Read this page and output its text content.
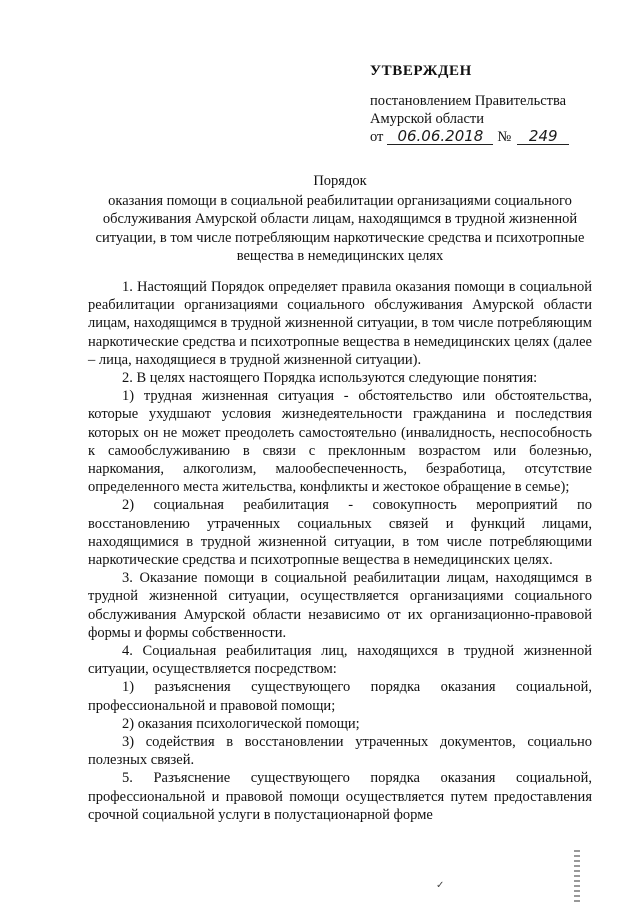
УТВЕРЖДЕН
постановлением Правительства
Амурской области
от 06.06.2018 № 249
Порядок
оказания помощи в социальной реабилитации организациями социального обслуживания Амурской области лицам, находящимся в трудной жизненной ситуации, в том числе потребляющим наркотические средства и психотропные вещества в немедицинских целях

1. Настоящий Порядок определяет правила оказания помощи в социальной реабилитации организациями социального обслуживания Амурской области лицам, находящимся в трудной жизненной ситуации, в том числе потребляющим наркотические средства и психотропные вещества в немедицинских целях (далее – лица, находящиеся в трудной жизненной ситуации).

2. В целях настоящего Порядка используются следующие понятия:

1) трудная жизненная ситуация - обстоятельство или обстоятельства, которые ухудшают условия жизнедеятельности гражданина и последствия которых он не может преодолеть самостоятельно (инвалидность, неспособность к самообслуживанию в связи с преклонным возрастом или болезнью, наркомания, алкоголизм, малообеспеченность, безработица, отсутствие определенного места жительства, конфликты и жестокое обращение в семье);

2) социальная реабилитация - совокупность мероприятий по восстановлению утраченных социальных связей и функций лицами, находящимися в трудной жизненной ситуации, в том числе потребляющими наркотические средства и психотропные вещества в немедицинских целях.

3. Оказание помощи в социальной реабилитации лицам, находящимся в трудной жизненной ситуации, осуществляется организациями социального обслуживания Амурской области независимо от их организационно-правовой формы и формы собственности.

4. Социальная реабилитация лиц, находящихся в трудной жизненной ситуации, осуществляется посредством:

1) разъяснения существующего порядка оказания социальной, профессиональной и правовой помощи;

2) оказания психологической помощи;

3) содействия в восстановлении утраченных документов, социально полезных связей.

5. Разъяснение существующего порядка оказания социальной, профессиональной и правовой помощи осуществляется путем предоставления срочной социальной услуги в полустационарной форме

✓
